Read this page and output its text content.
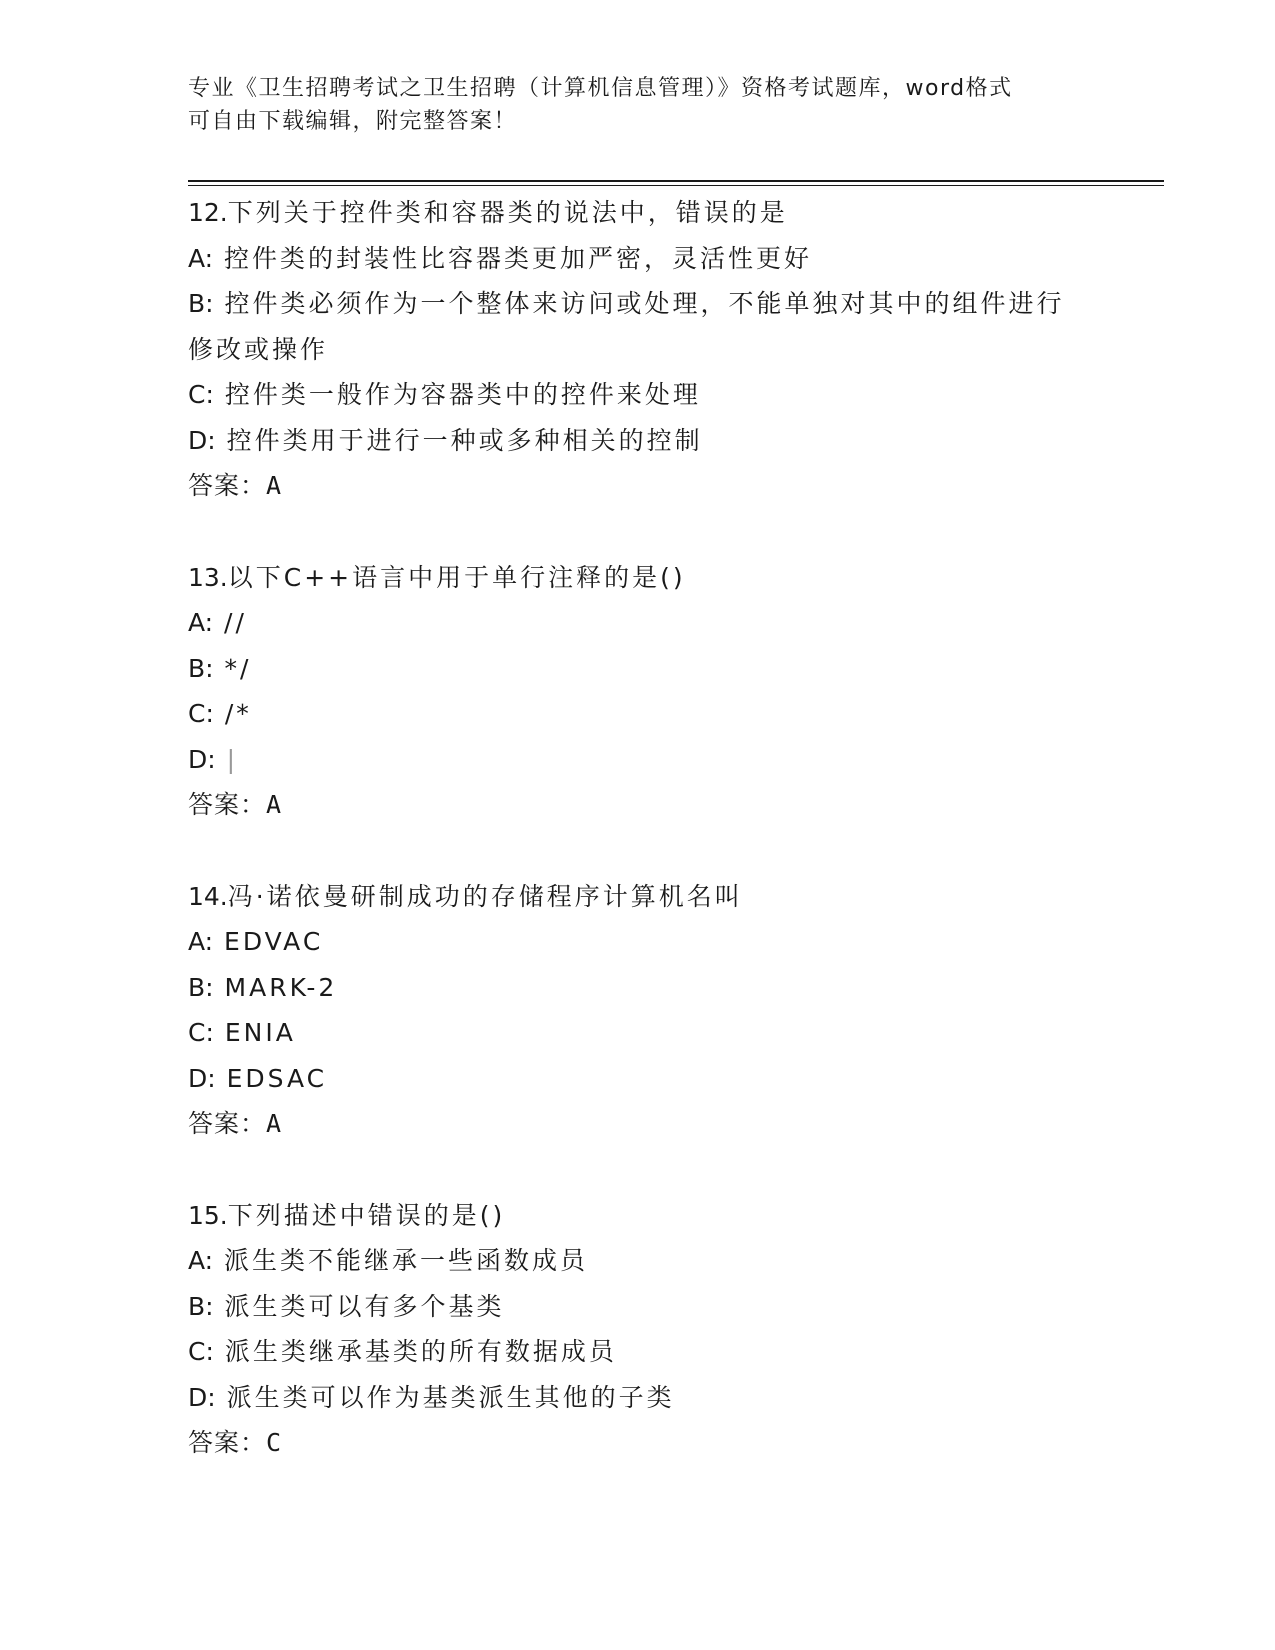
专业《卫生招聘考试之卫生招聘（计算机信息管理）》资格考试题库，word格式
可自由下载编辑，附完整答案！
12.下列关于控件类和容器类的说法中，错误的是
A: 控件类的封装性比容器类更加严密，灵活性更好
B: 控件类必须作为一个整体来访问或处理，不能单独对其中的组件进行修改或操作
C: 控件类一般作为容器类中的控件来处理
D: 控件类用于进行一种或多种相关的控制
答案：A
13.以下C++语言中用于单行注释的是()
A: //
B: */
C: /*
D: |
答案：A
14.冯·诺依曼研制成功的存储程序计算机名叫
A: EDVAC
B: MARK-2
C: ENIA
D: EDSAC
答案：A
15.下列描述中错误的是()
A: 派生类不能继承一些函数成员
B: 派生类可以有多个基类
C: 派生类继承基类的所有数据成员
D: 派生类可以作为基类派生其他的子类
答案：C
